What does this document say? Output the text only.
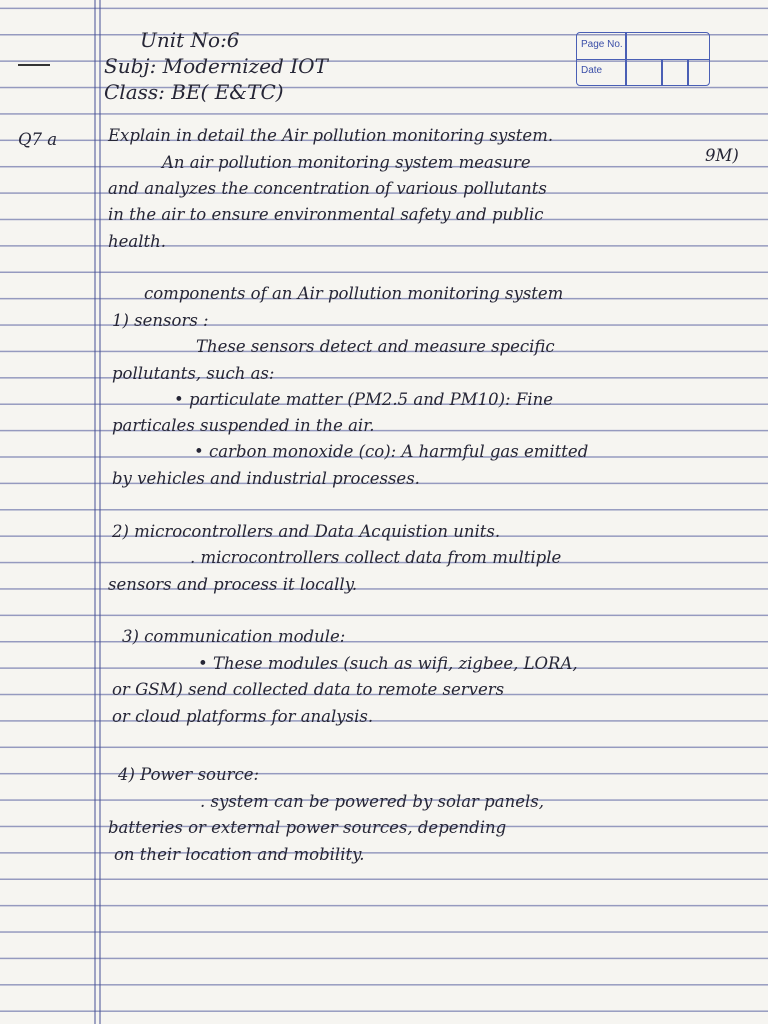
Unit No:6
Subj: Modernized IOT
Class: BE( E&TC)
Page No.
Date
Q7 a	Explain in detail the Air pollution monitoring system.
9M)
An air pollution monitoring system measure
and analyzes the concentration of various pollutants
in the air to ensure environmental safety and public
health.
components of an Air pollution monitoring system
1) sensors :
These sensors detect and measure specific
pollutants, such as:
• particulate matter (PM2.5 and PM10): Fine
particales suspended in the air.
• carbon monoxide (co): A harmful gas emitted
by vehicles and industrial processes.
2) microcontrollers and Data Acquistion units.
. microcontrollers collect data from multiple
sensors and process it locally.
3) communication module:
• These modules (such as wifi, zigbee, LORA,
or GSM) send collected data to remote servers
or cloud platforms for analysis.
4) Power source:
. system can be powered by solar panels,
batteries or external power sources, depending
on their location and mobility.
